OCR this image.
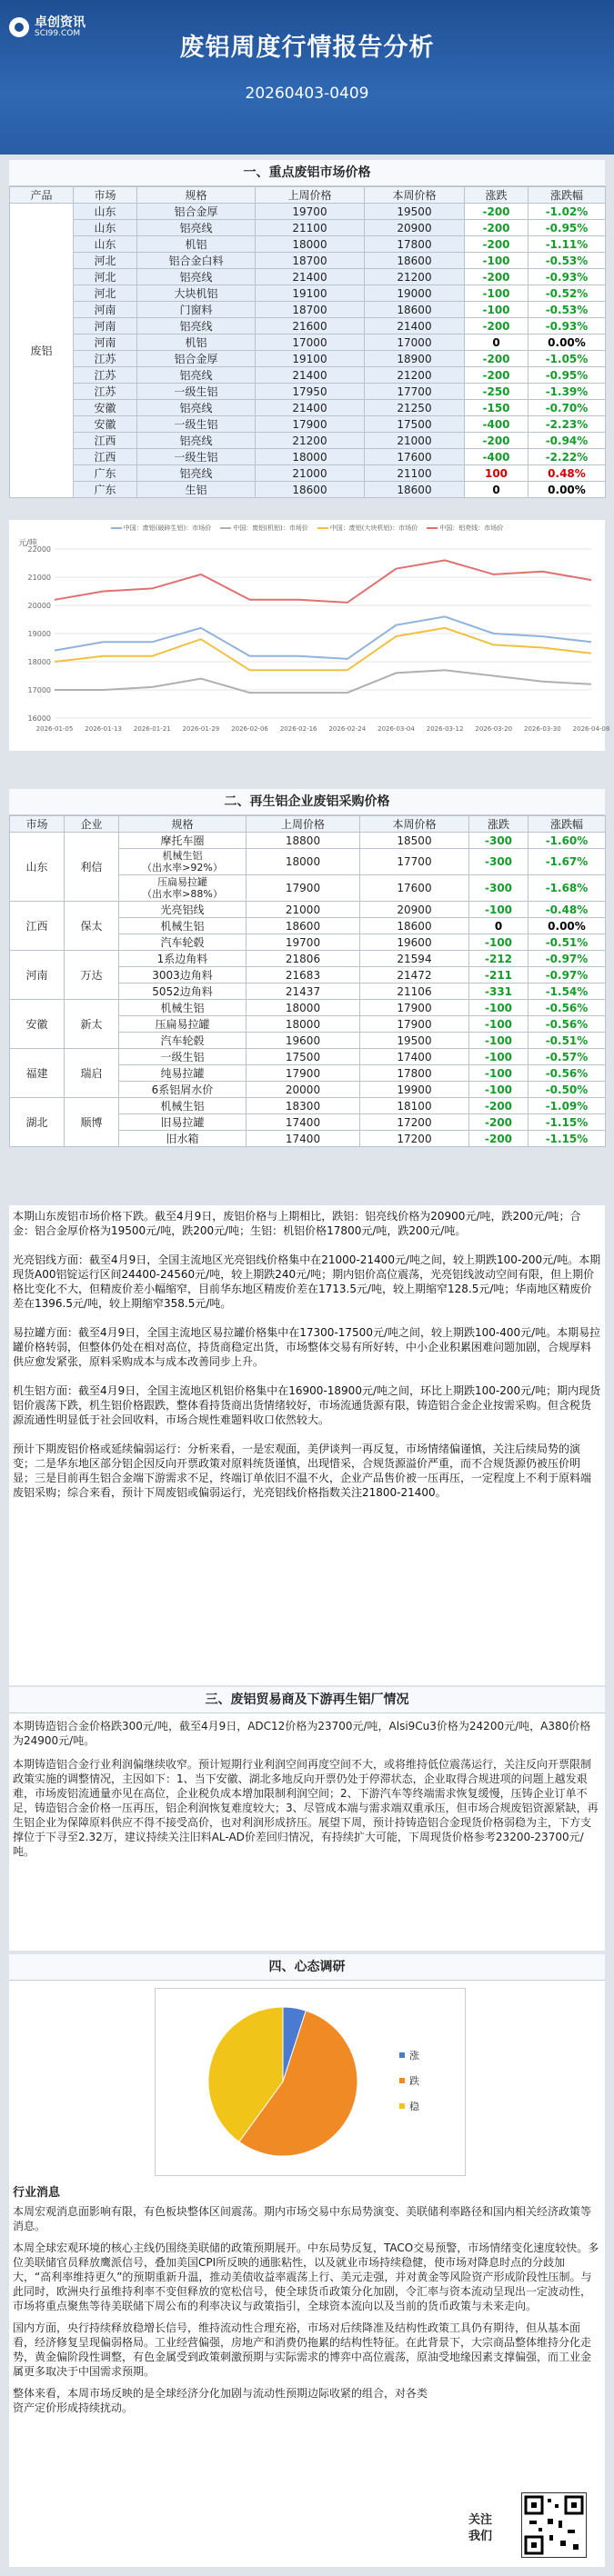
卓创资讯
SCI99.COM	废铝周度行情报告分析
20260403-0409
一、重点废铝市场价格
产品	市场	规格	上周价格	本周价格	涨跌	涨跌幅
废铝	山东	铝合金厚	19700	19500	-200	-1.02%
	山东	铝亮线	21100	20900	-200	-0.95%
	山东	机铝	18000	17800	-200	-1.11%
	河北	铝合金白料	18700	18600	-100	-0.53%
	河北	铝亮线	21400	21200	-200	-0.93%
	河北	大块机铝	19100	19000	-100	-0.52%
	河南	门窗料	18700	18600	-100	-0.53%
	河南	铝亮线	21600	21400	-200	-0.93%
	河南	机铝	17000	17000	0	0.00%
	江苏	铝合金厚	19100	18900	-200	-1.05%
	江苏	铝亮线	21400	21200	-200	-0.95%
	江苏	一级生铝	17950	17700	-250	-1.39%
	安徽	铝亮线	21400	21250	-150	-0.70%
	安徽	一级生铝	17900	17500	-400	-2.23%
	江西	铝亮线	21200	21000	-200	-0.94%
	江西	一级生铝	18000	17600	-400	-2.22%
	广东	铝亮线	21000	21100	100	0.48%
	广东	生铝	18600	18600	0	0.00%
中国：废铝(破碎生铝)：市场价	中国：废铝(机铝)：市场价	中国：废铝(大块机铝)：市场价	中国：铝亮线：市场价
元/吨
16000
17000
18000
19000
20000
21000
22000
2026-01-05 2026-01-13 2026-01-21 2026-01-29 2026-02-06 2026-02-16 2026-02-24 2026-03-04 2026-03-12 2026-03-20 2026-03-30 2026-04-08
二、再生铝企业废铝采购价格
市场	企业	规格	上周价格	本周价格	涨跌	涨跌幅
山东	利信	摩托车圈	18800	18500	-300	-1.60%
		机械生铝
（出水率>92%）	18000	17700	-300	-1.67%
		压扁易拉罐
（出水率>88%）	17900	17600	-300	-1.68%
江西	保太	光亮铝线	21000	20900	-100	-0.48%
		机械生铝	18600	18600	0	0.00%
		汽车轮毂	19700	19600	-100	-0.51%
河南	万达	1系边角料	21806	21594	-212	-0.97%
		3003边角料	21683	21472	-211	-0.97%
		5052边角料	21437	21106	-331	-1.54%
安徽	新太	机械生铝	18000	17900	-100	-0.56%
		压扁易拉罐	18000	17900	-100	-0.56%
		汽车轮毂	19600	19500	-100	-0.51%
福建	瑞启	一级生铝	17500	17400	-100	-0.57%
		纯易拉罐	17900	17800	-100	-0.56%
		6系铝屑水价	20000	19900	-100	-0.50%
湖北	顺博	机械生铝	18300	18100	-200	-1.09%
		旧易拉罐	17400	17200	-200	-1.15%
		旧水箱	17400	17200	-200	-1.15%

本期山东废铝市场价格下跌。截至4月9日，废铝价格与上期相比，跌铝：铝亮线价格为20900元/吨，跌200元/吨；合金：铝合金厚价格为19500元/吨，跌200元/吨；生铝：机铝价格17800元/吨，跌200元/吨。

光亮铝线方面：截至4月9日，全国主流地区光亮铝线价格集中在21000-21400元/吨之间，较上期跌100-200元/吨。本期现货A00铝锭运行区间24400-24560元/吨，较上期跌240元/吨；期内铝价高位震荡，光亮铝线波动空间有限，但上期价格比变化不大，但精废价差小幅缩窄，目前华东地区精废价差在1713.5元/吨，较上期缩窄128.5元/吨；华南地区精废价差在1396.5元/吨，较上期缩窄358.5元/吨。

易拉罐方面：截至4月9日，全国主流地区易拉罐价格集中在17300-17500元/吨之间，较上期跌100-400元/吨。本期易拉罐价格转弱，但整体仍处在相对高位，持货商稳定出货，市场整体交易有所好转，中小企业积累困难问题加剧，合规厚料供应愈发紧张，原料采购成本与成本改善同步上升。

机生铝方面：截至4月9日，全国主流地区机铝价格集中在16900-18900元/吨之间，环比上期跌100-200元/吨；期内现货铝价震荡下跌，机生铝价格跟跌，整体看持货商出货情绪较好，市场流通货源有限，铸造铝合金企业按需采购。但含税货源流通性明显低于社会回收料，市场合规性难题料收口依然较大。

预计下期废铝价格或延续偏弱运行：分析来看，一是宏观面，美伊谈判一再反复，市场情绪偏谨慎，关注后续局势的演变；二是华东地区部分铝企因反向开票政策对原料统货谨慎，出现惜采，合规货源溢价严重，而不合规货源仍被压价明显；三是目前再生铝合金端下游需求不足，终端订单依旧不温不火，企业产品售价被一压再压，一定程度上不利于原料端废铝采购；综合来看，预计下周废铝或偏弱运行，光亮铝线价格指数关注21800-21400。

三、废铝贸易商及下游再生铝厂情况

本期铸造铝合金价格跌300元/吨，截至4月9日，ADC12价格为23700元/吨，Alsi9Cu3价格为24200元/吨，A380价格为24900元/吨。

本期铸造铝合金行业利润偏继续收窄。预计短期行业利润空间再度空间不大，或将维持低位震荡运行，关注反向开票限制政策实施的调整情况，主因如下：1、当下安徽、湖北多地反向开票仍处于停滞状态，企业取得合规进项的问题上越发艰难，市场废铝流通量亦见在高位，企业税负成本增加限制利润空间；2、下游汽车等终端需求恢复缓慢，压铸企业订单不足，铸造铝合金价格一压再压，铝企利润恢复难度较大；3、尽管成本端与需求端双重承压，但市场合规废铝资源紧缺，再生铝企业为保障原料供应不得不接受高价，也对利润形成挤压。展望下周，预计持铸造铝合金现货价格弱稳为主，下方支撑位于下寻至2.32万，建议持续关注旧料AL-AD价差回归情况，有持续扩大可能，下周现货价格参考23200-23700元/吨。

四、心态调研
涨
跌
稳
行业消息

本周宏观消息面影响有限，有色板块整体区间震荡。期内市场交易中东局势演变、美联储利率路径和国内相关经济政策等消息。

本周全球宏观环境的核心主线仍围绕美联储的政策预期展开。中东局势反复，TACO交易预警，市场情绪变化速度较快。多位美联储官员释放鹰派信号，叠加美国CPI所反映的通胀粘性，以及就业市场持续稳健，使市场对降息时点的分歧加大，“高利率维持更久”的预期重新升温，推动美债收益率震荡上行、美元走强，并对黄金等风险资产形成阶段性压制。与此同时，欧洲央行虽维持利率不变但释放的宽松信号，使全球货币政策分化加剧，令汇率与资本流动呈现出一定波动性，市场将重点聚焦等待美联储下周公布的利率决议与政策指引，全球资本流向以及当前的货币政策与未来走向。

国内方面，央行持续释放稳增长信号，维持流动性合理充裕，市场对后续降准及结构性政策工具仍有期待，但从基本面看，经济修复呈现偏弱格局。工业经营偏强，房地产和消费仍拖累的结构性特征。在此背景下，大宗商品整体维持分化走势，黄金偏阶段性调整，有色金属受到政策刺激预期与实际需求的博弈中高位震荡，原油受地缘因素支撑偏强，而工业金属更多取决于中国需求预期。

整体来看，本周市场反映的是全球经济分化加剧与流动性预期边际收紧的组合，对各类资产定价形成持续扰动。

关注我们
